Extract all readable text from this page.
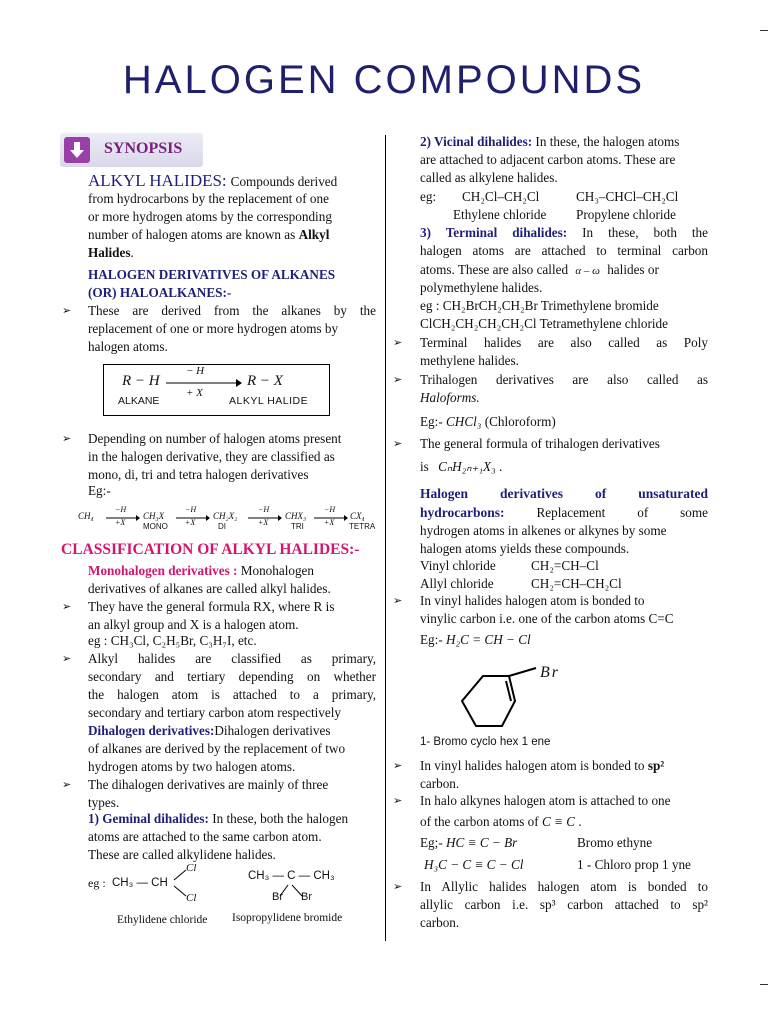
HALOGEN COMPOUNDS
SYNOPSIS
ALKYL HALIDES: Compounds derived
from hydrocarbons by the replacement of one
or more hydrogen atoms by the corresponding
number of halogen atoms are known as Alkyl
Halides.
HALOGEN DERIVATIVES OF ALKANES
(OR) HALOALKANES:-
➢ These are derived from the alkanes by the
replacement of one or more hydrogen atoms by
halogen atoms.
R − H
− H
+ X
R − X
ALKANE	ALKYL HALIDE
➢ Depending on number of halogen atoms present
in the halogen derivative, they are classified as
mono, di, tri and tetra halogen derivatives
Eg:-
CH₄	CH₃X	CH₂X₂	CHX₃	CX₄
−H
+X
−H
+X
−H
+X
−H
+X
MONO	DI	TRI	TETRA
CLASSIFICATION OF ALKYL HALIDES:-
Monohalogen derivatives : Monohalogen
derivatives of alkanes are called alkyl halides.
➢ They have the general formula RX, where R is
an alkyl group and X is a halogen atom.
eg : CH₃Cl, C₂H₅Br, C₃H₇I, etc.
➢ Alkyl halides are classified as primary,
secondary and tertiary depending on whether
the halogen atom is attached to a primary,
secondary and tertiary carbon atom respectively
Dihalogen derivatives:Dihalogen derivatives
of alkanes are derived by the replacement of two
hydrogen atoms by two halogen atoms.
➢ The dihalogen derivatives are mainly of three
types.
1) Geminal dihalides: In these, both the halogen
atoms are attached to the same carbon atom.
These are called alkylidene halides.
eg :
Cl
CH₃ — CH
Cl
CH₃ — C — CH₃
Br Br
Ethylidene chloride Isopropylidene bromide
2) Vicinal dihalides: In these, the halogen atoms
are attached to adjacent carbon atoms. These are
called as alkylene halides.
eg: CH₂Cl–CH₂Cl	CH₃–CHCl–CH₂Cl
Ethylene chloride Propylene chloride
3) Terminal dihalides: In these, both the
halogen atoms are attached to terminal carbon
atoms. These are also called α – ω halides or
polymethylene halides.
eg : CH₂BrCH₂CH₂Br Trimethylene bromide
ClCH₂CH₂CH₂CH₂Cl Tetramethylene chloride
➢ Terminal halides are also called as Poly
methylene halides.
➢ Trihalogen derivatives are also called as
Haloforms.
Eg:- CHCl₃ (Chloroform)
➢ The general formula of trihalogen derivatives
is CₙH₂ₙ₊₁X₃ .
Halogen derivatives of unsaturated
hydrocarbons: Replacement of some
hydrogen atoms in alkenes or alkynes by some
halogen atoms yields these compounds.
Vinyl chloride	CH₂=CH–Cl
Allyl chloride	CH₂=CH–CH₂Cl
➢ In vinyl halides halogen atom is bonded to
vinylic carbon i.e. one of the carbon atoms C=C
Eg:- H₂C = CH − Cl
Br
1- Bromo cyclo hex 1 ene
➢ In vinyl halides halogen atom is bonded to sp²
carbon.
➢ In halo alkynes halogen atom is attached to one
of the carbon atoms of C ≡ C .
Eg;- HC ≡ C − Br	Bromo ethyne
H₃C − C ≡ C − Cl	1 - Chloro prop 1 yne
➢ In Allylic halides halogen atom is bonded to
allylic carbon i.e. sp³ carbon attached to sp²
carbon.
